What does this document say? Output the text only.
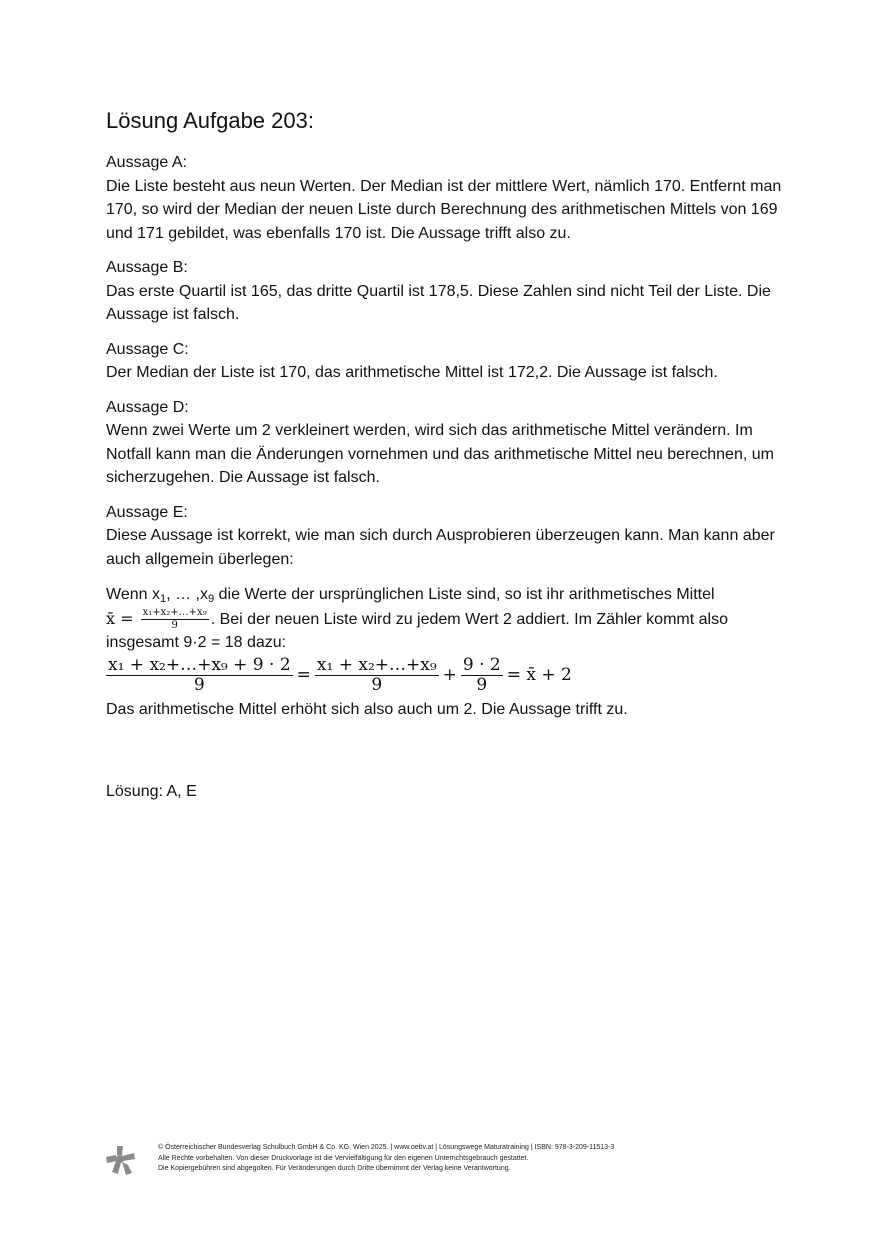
Lösung Aufgabe 203:
Aussage A:

Die Liste besteht aus neun Werten. Der Median ist der mittlere Wert, nämlich 170. Entfernt man 170, so wird der Median der neuen Liste durch Berechnung des arithmetischen Mittels von 169 und 171 gebildet, was ebenfalls 170 ist. Die Aussage trifft also zu.

Aussage B:

Das erste Quartil ist 165, das dritte Quartil ist 178,5. Diese Zahlen sind nicht Teil der Liste. Die Aussage ist falsch.

Aussage C:

Der Median der Liste ist 170, das arithmetische Mittel ist 172,2. Die Aussage ist falsch.

Aussage D:

Wenn zwei Werte um 2 verkleinert werden, wird sich das arithmetische Mittel verändern. Im Notfall kann man die Änderungen vornehmen und das arithmetische Mittel neu berechnen, um sicherzugehen. Die Aussage ist falsch.

Aussage E:

Diese Aussage ist korrekt, wie man sich durch Ausprobieren überzeugen kann. Man kann aber auch allgemein überlegen:

Wenn $x_1$, … $,x_9$ die Werte der ursprünglichen Liste sind, so ist ihr arithmetisches Mittel

x̄ = $\frac{\text{x₁+x₂+…+x₉}}{9}$ . Bei der neuen Liste wird zu jedem Wert 2 addiert. Im Zähler kommt also

insgesamt 9·2 = 18 dazu:

$\frac{\text{x₁ + x₂+…+x₉ + 9 · 2}}{9} = \frac{\text{x₁ + x₂+…+x₉}}{9} + \frac{9 \cdot 2}{9}$ = x̄ + 2

Das arithmetische Mittel erhöht sich also auch um 2. Die Aussage trifft zu.

Lösung: A, E
© Österreichischer Bundesverlag Schulbuch GmbH & Co. KG, Wien 2025. | www.oebv.at | Lösungswege Maturatraining | ISBN: 978-3-209-11513-3
Alle Rechte vorbehalten. Von dieser Druckvorlage ist die Vervielfältigung für den eigenen Unterrichtsgebrauch gestattet.
Die Kopiergebühren sind abgegolten. Für Veränderungen durch Dritte übernimmt der Verlag keine Verantwortung.
